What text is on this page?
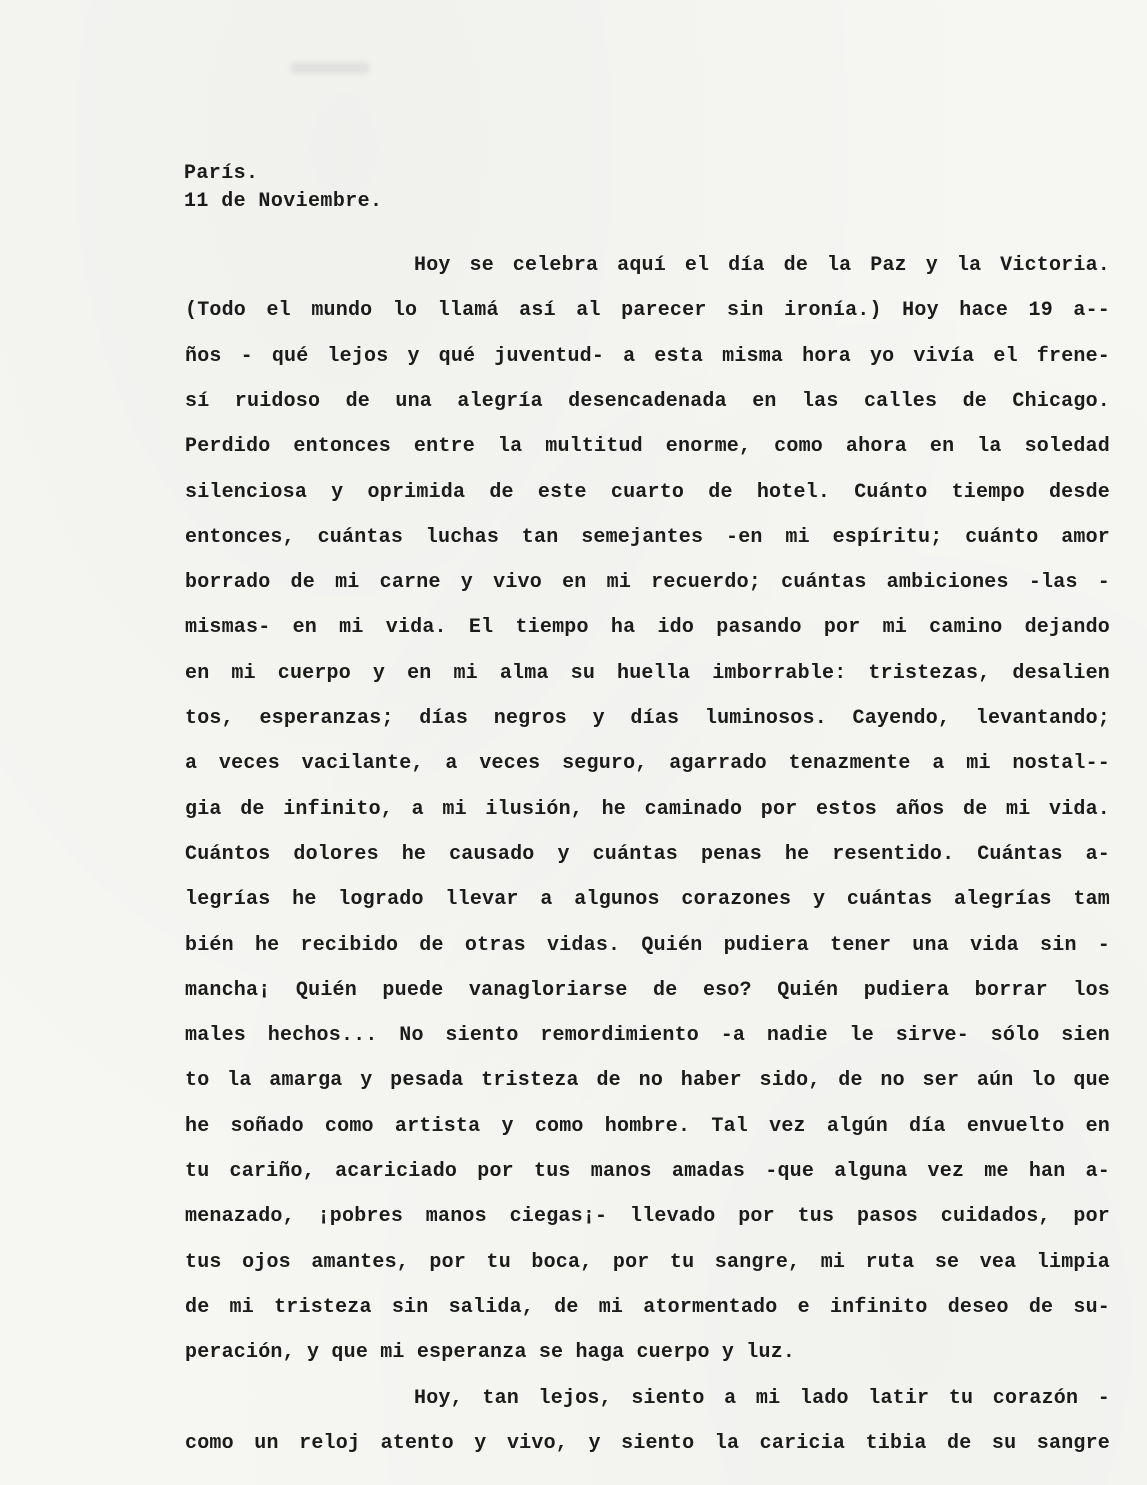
París.
11 de Noviembre.
Hoy se celebra aquí el día de la Paz y la Victoria.
(Todo el mundo lo llamá así al parecer sin ironía.) Hoy hace 19 a--
ños - qué lejos y qué juventud- a esta misma hora yo vivía el frene-
sí ruidoso de una alegría desencadenada en las calles de Chicago.
Perdido entonces entre la multitud enorme, como ahora en la soledad
silenciosa y oprimida de este cuarto de hotel. Cuánto tiempo desde
entonces, cuántas luchas tan semejantes -en mi espíritu; cuánto amor
borrado de mi carne y vivo en mi recuerdo; cuántas ambiciones -las -
mismas- en mi vida. El tiempo ha ido pasando por mi camino dejando
en mi cuerpo y en mi alma su huella imborrable: tristezas, desalien
tos, esperanzas; días negros y días luminosos. Cayendo, levantando;
a veces vacilante, a veces seguro, agarrado tenazmente a mi nostal--
gia de infinito, a mi ilusión, he caminado por estos años de mi vida.
Cuántos dolores he causado y cuántas penas he resentido. Cuántas a-
legrías he logrado llevar a algunos corazones y cuántas alegrías tam
bién he recibido de otras vidas. Quién pudiera tener una vida sin -
mancha¡ Quién puede vanagloriarse de eso? Quién pudiera borrar los
males hechos... No siento remordimiento -a nadie le sirve- sólo sien
to la amarga y pesada tristeza de no haber sido, de no ser aún lo que
he soñado como artista y como hombre. Tal vez algún día envuelto en
tu cariño, acariciado por tus manos amadas -que alguna vez me han a-
menazado, ¡pobres manos ciegas¡- llevado por tus pasos cuidados, por
tus ojos amantes, por tu boca, por tu sangre, mi ruta se vea limpia
de mi tristeza sin salida, de mi atormentado e infinito deseo de su-
peración, y que mi esperanza se haga cuerpo y luz.
Hoy, tan lejos, siento a mi lado latir tu corazón -
como un reloj atento y vivo, y siento la caricia tibia de su sangre
